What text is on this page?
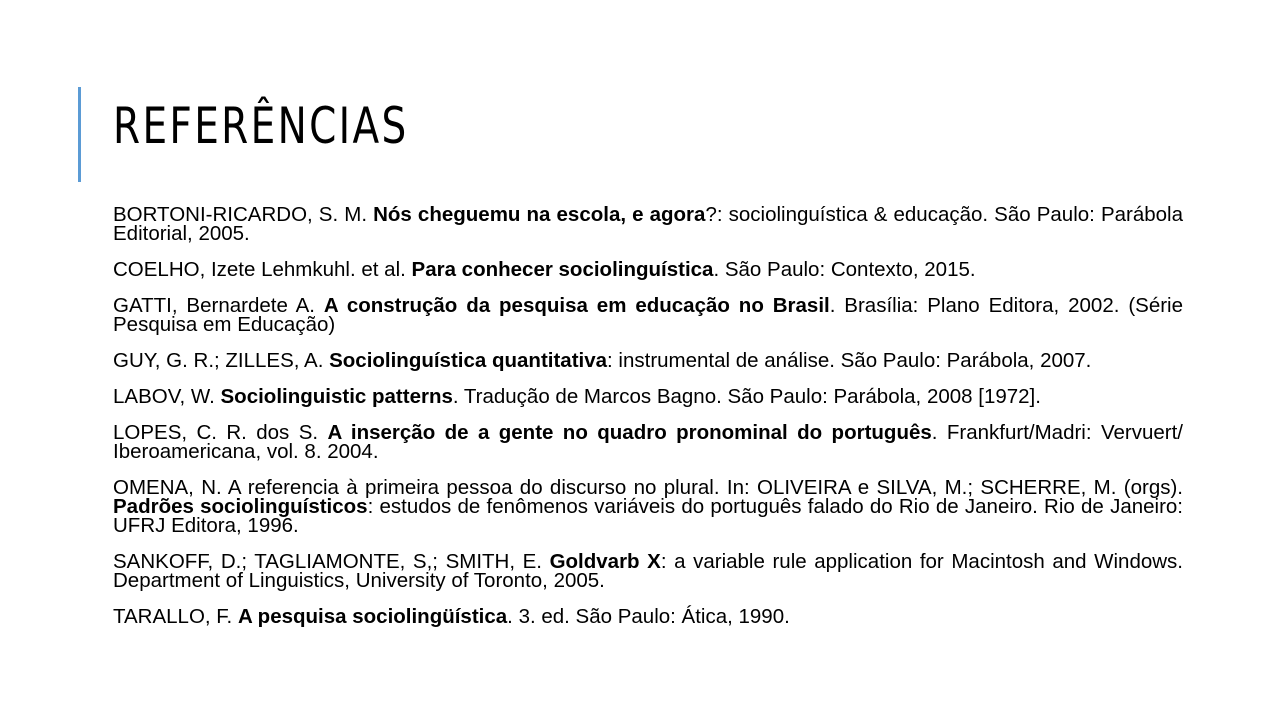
REFERÊNCIAS

BORTONI-RICARDO, S. M. Nós cheguemu na escola, e agora?: sociolinguística & educação. São Paulo: Parábola Editorial, 2005.

COELHO, Izete Lehmkuhl. et al. Para conhecer sociolinguística. São Paulo: Contexto, 2015.

GATTI, Bernardete A. A construção da pesquisa em educação no Brasil. Brasília: Plano Editora, 2002. (Série Pesquisa em Educação)

GUY, G. R.; ZILLES, A. Sociolinguística quantitativa: instrumental de análise. São Paulo: Parábola, 2007.

LABOV, W. Sociolinguistic patterns. Tradução de Marcos Bagno. São Paulo: Parábola, 2008 [1972].

LOPES, C. R. dos S. A inserção de a gente no quadro pronominal do português. Frankfurt/Madri: Vervuert/ Iberoamericana, vol. 8. 2004.

OMENA, N. A referencia à primeira pessoa do discurso no plural. In: OLIVEIRA e SILVA, M.; SCHERRE, M. (orgs). Padrões sociolinguísticos: estudos de fenômenos variáveis do português falado do Rio de Janeiro. Rio de Janeiro: UFRJ Editora, 1996.

SANKOFF, D.; TAGLIAMONTE, S,; SMITH, E. Goldvarb X: a variable rule application for Macintosh and Windows. Department of Linguistics, University of Toronto, 2005.

TARALLO, F. A pesquisa sociolingüística. 3. ed. São Paulo: Ática, 1990.
